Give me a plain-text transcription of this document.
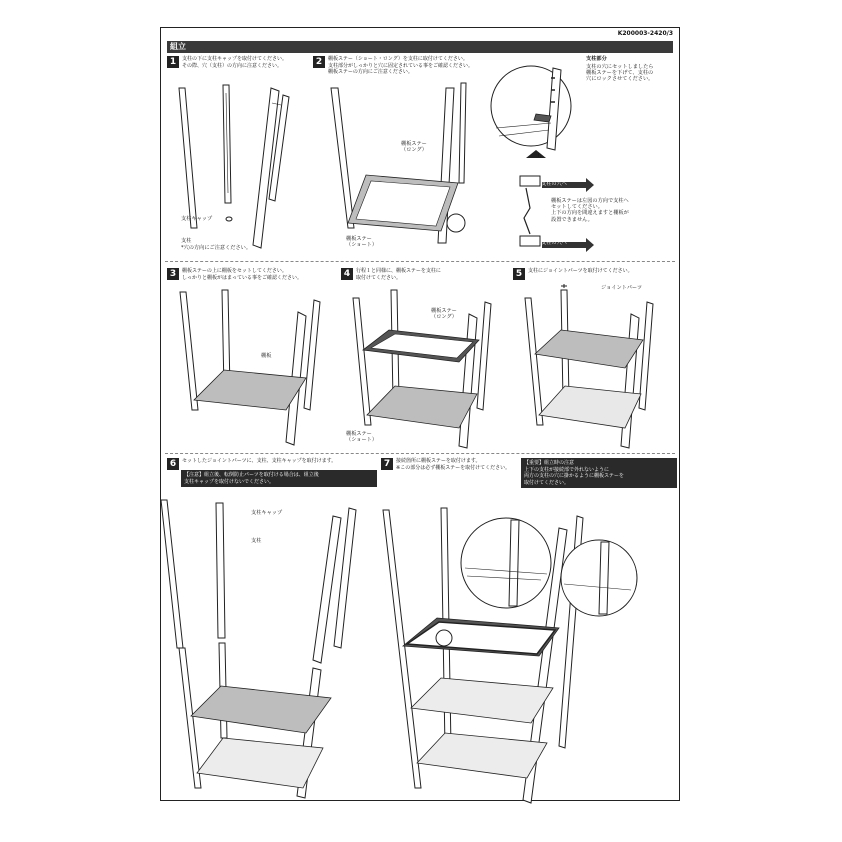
K200003-2420/3
組立
1	支柱の下に支柱キャップを取付けてください。
その際、穴（支柱）の方向に注意ください。
支柱キャップ
支柱
*穴の方向にご注意ください。
2	棚板ステー（ショート・ロング）を支柱に取付けてください。
支柱部分がしっかりと穴に固定されている事をご確認ください。
棚板ステーの方向にご注意ください。
棚板ステー
（ロング）
棚板ステー
（ショート）
支柱部分
支柱の穴にセットしましたら
棚板ステーを下げて、支柱の
穴にロックさせてください。
上
支柱の穴へ
支柱の穴へ
棚板ステーは左図の方向で支柱へ
セットしてください。
上下の方向を間違えますと棚板が
設置できません。
3	棚板ステーの上に棚板をセットしてください。
しっかりと棚板がはまっている事をご確認ください。
棚板
4	行程１と同様に、棚板ステーを支柱に
取付けてください。
棚板ステー
（ロング）
棚板ステー
（ショート）
5	支柱にジョイントパーツを取付けてください。
ジョイントパーツ
6	セットしたジョイントパーツに、支柱、支柱キャップを取付けます。
【注意】組立後、転倒防止パーツを取付ける場合は、組立後
支柱キャップを取付けないでください。
支柱キャップ
支柱
7	接続箇所に棚板ステーを取付けます。
※この部分は必ず棚板ステーを取付けてください。
【重要】組立時の注意
上下の支柱が接続部で外れないように
両方の支柱の穴に掛かるように棚板ステーを
取付けてください。
